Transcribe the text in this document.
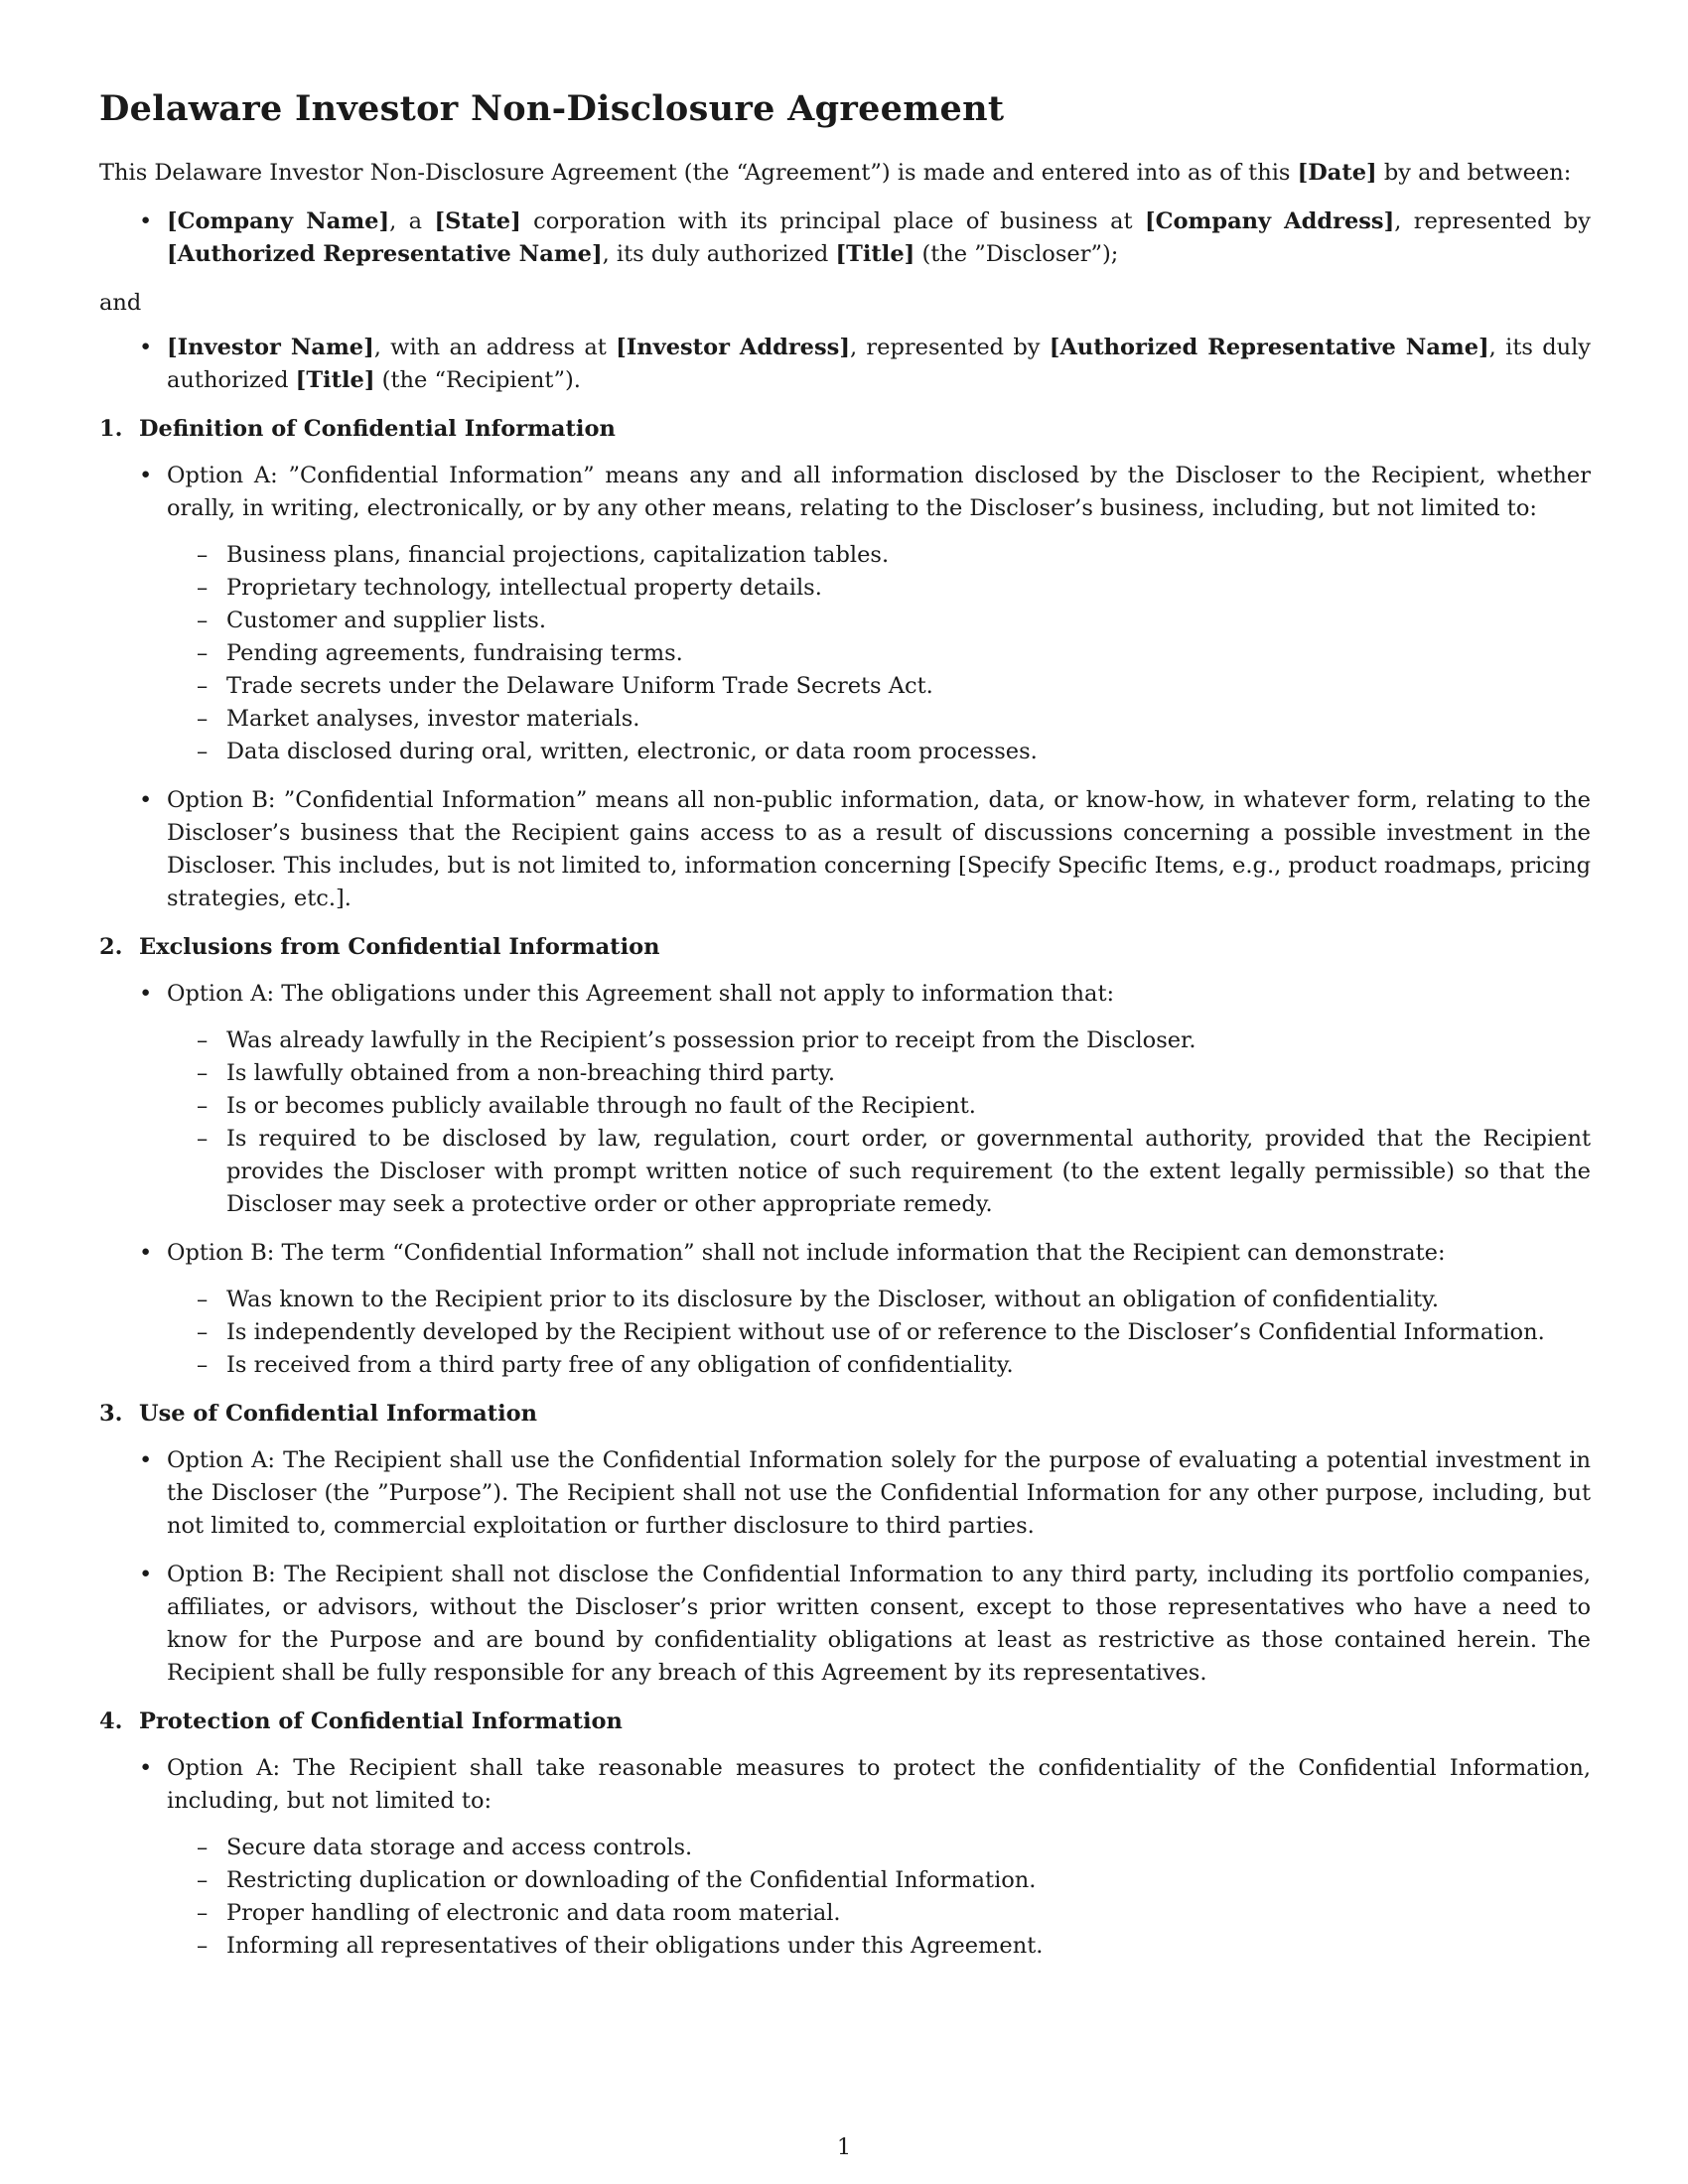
Delaware Investor Non-Disclosure Agreement

This Delaware Investor Non-Disclosure Agreement (the “Agreement”) is made and entered into as of this [Date] by and between:

• [Company Name], a [State] corporation with its principal place of business at [Company Address], represented by [Authorized Representative Name], its duly authorized [Title] (the ”Discloser”);

and

• [Investor Name], with an address at [Investor Address], represented by [Authorized Representative Name], its duly authorized [Title] (the “Recipient”).
1. Definition of Confidential Information
• Option A: ”Confidential Information” means any and all information disclosed by the Discloser to the Recipient, whether orally, in writing, electronically, or by any other means, relating to the Discloser’s business, including, but not limited to:
– Business plans, financial projections, capitalization tables.
– Proprietary technology, intellectual property details.
– Customer and supplier lists.
– Pending agreements, fundraising terms.
– Trade secrets under the Delaware Uniform Trade Secrets Act.
– Market analyses, investor materials.
– Data disclosed during oral, written, electronic, or data room processes.
• Option B: ”Confidential Information” means all non-public information, data, or know-how, in whatever form, relating to the Discloser’s business that the Recipient gains access to as a result of discussions concerning a possible investment in the Discloser. This includes, but is not limited to, information concerning [Specify Specific Items, e.g., product roadmaps, pricing strategies, etc.].
2. Exclusions from Confidential Information
• Option A: The obligations under this Agreement shall not apply to information that:
– Was already lawfully in the Recipient’s possession prior to receipt from the Discloser.
– Is lawfully obtained from a non-breaching third party.
– Is or becomes publicly available through no fault of the Recipient.
– Is required to be disclosed by law, regulation, court order, or governmental authority, provided that the Recipient provides the Discloser with prompt written notice of such requirement (to the extent legally permissible) so that the Discloser may seek a protective order or other appropriate remedy.
• Option B: The term “Confidential Information” shall not include information that the Recipient can demonstrate:
– Was known to the Recipient prior to its disclosure by the Discloser, without an obligation of confidentiality.
– Is independently developed by the Recipient without use of or reference to the Discloser’s Confidential Information.
– Is received from a third party free of any obligation of confidentiality.
3. Use of Confidential Information
• Option A: The Recipient shall use the Confidential Information solely for the purpose of evaluating a potential investment in the Discloser (the ”Purpose”). The Recipient shall not use the Confidential Information for any other purpose, including, but not limited to, commercial exploitation or further disclosure to third parties.
• Option B: The Recipient shall not disclose the Confidential Information to any third party, including its portfolio companies, affiliates, or advisors, without the Discloser’s prior written consent, except to those representatives who have a need to know for the Purpose and are bound by confidentiality obligations at least as restrictive as those contained herein. The Recipient shall be fully responsible for any breach of this Agreement by its representatives.
4. Protection of Confidential Information
• Option A: The Recipient shall take reasonable measures to protect the confidentiality of the Confidential Information, including, but not limited to:
– Secure data storage and access controls.
– Restricting duplication or downloading of the Confidential Information.
– Proper handling of electronic and data room material.
– Informing all representatives of their obligations under this Agreement.
1
